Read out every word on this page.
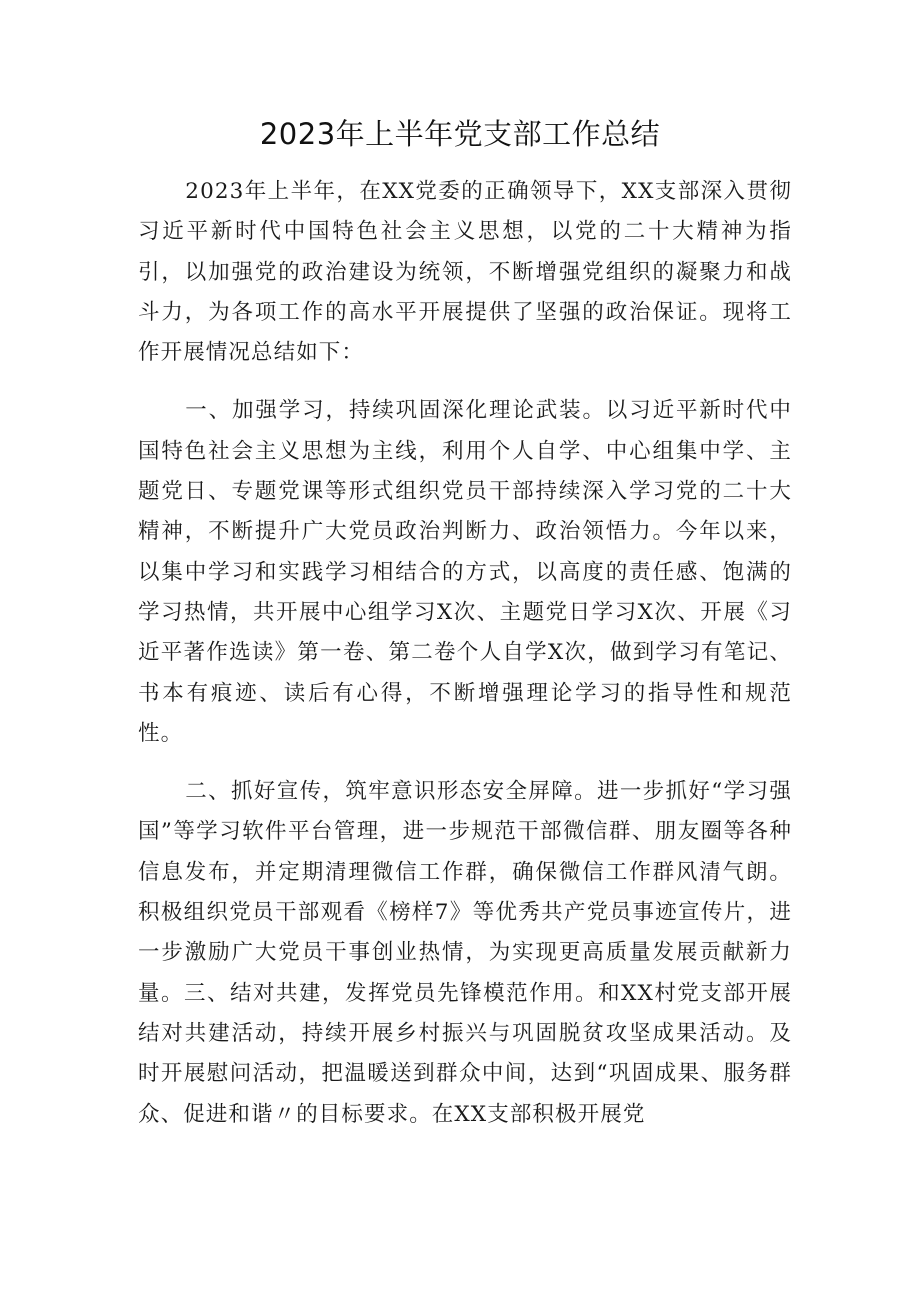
2023年上半年党支部工作总结

2023年上半年，在XX党委的正确领导下，XX支部深入贯彻习近平新时代中国特色社会主义思想，以党的二十大精神为指引，以加强党的政治建设为统领，不断增强党组织的凝聚力和战斗力，为各项工作的高水平开展提供了坚强的政治保证。现将工作开展情况总结如下：

一、加强学习，持续巩固深化理论武装。以习近平新时代中国特色社会主义思想为主线，利用个人自学、中心组集中学、主题党日、专题党课等形式组织党员干部持续深入学习党的二十大精神，不断提升广大党员政治判断力、政治领悟力。今年以来，以集中学习和实践学习相结合的方式，以高度的责任感、饱满的学习热情，共开展中心组学习X次、主题党日学习X次、开展《习近平著作选读》第一卷、第二卷个人自学X次，做到学习有笔记、书本有痕迹、读后有心得，不断增强理论学习的指导性和规范性。

二、抓好宣传，筑牢意识形态安全屏障。进一步抓好“学习强国”等学习软件平台管理，进一步规范干部微信群、朋友圈等各种信息发布，并定期清理微信工作群，确保微信工作群风清气朗。积极组织党员干部观看《榜样7》等优秀共产党员事迹宣传片，进一步激励广大党员干事创业热情，为实现更高质量发展贡献新力量。三、结对共建，发挥党员先锋模范作用。和XX村党支部开展结对共建活动，持续开展乡村振兴与巩固脱贫攻坚成果活动。及时开展慰问活动，把温暖送到群众中间，达到“巩固成果、服务群众、促进和谐〃的目标要求。在XX支部积极开展党
